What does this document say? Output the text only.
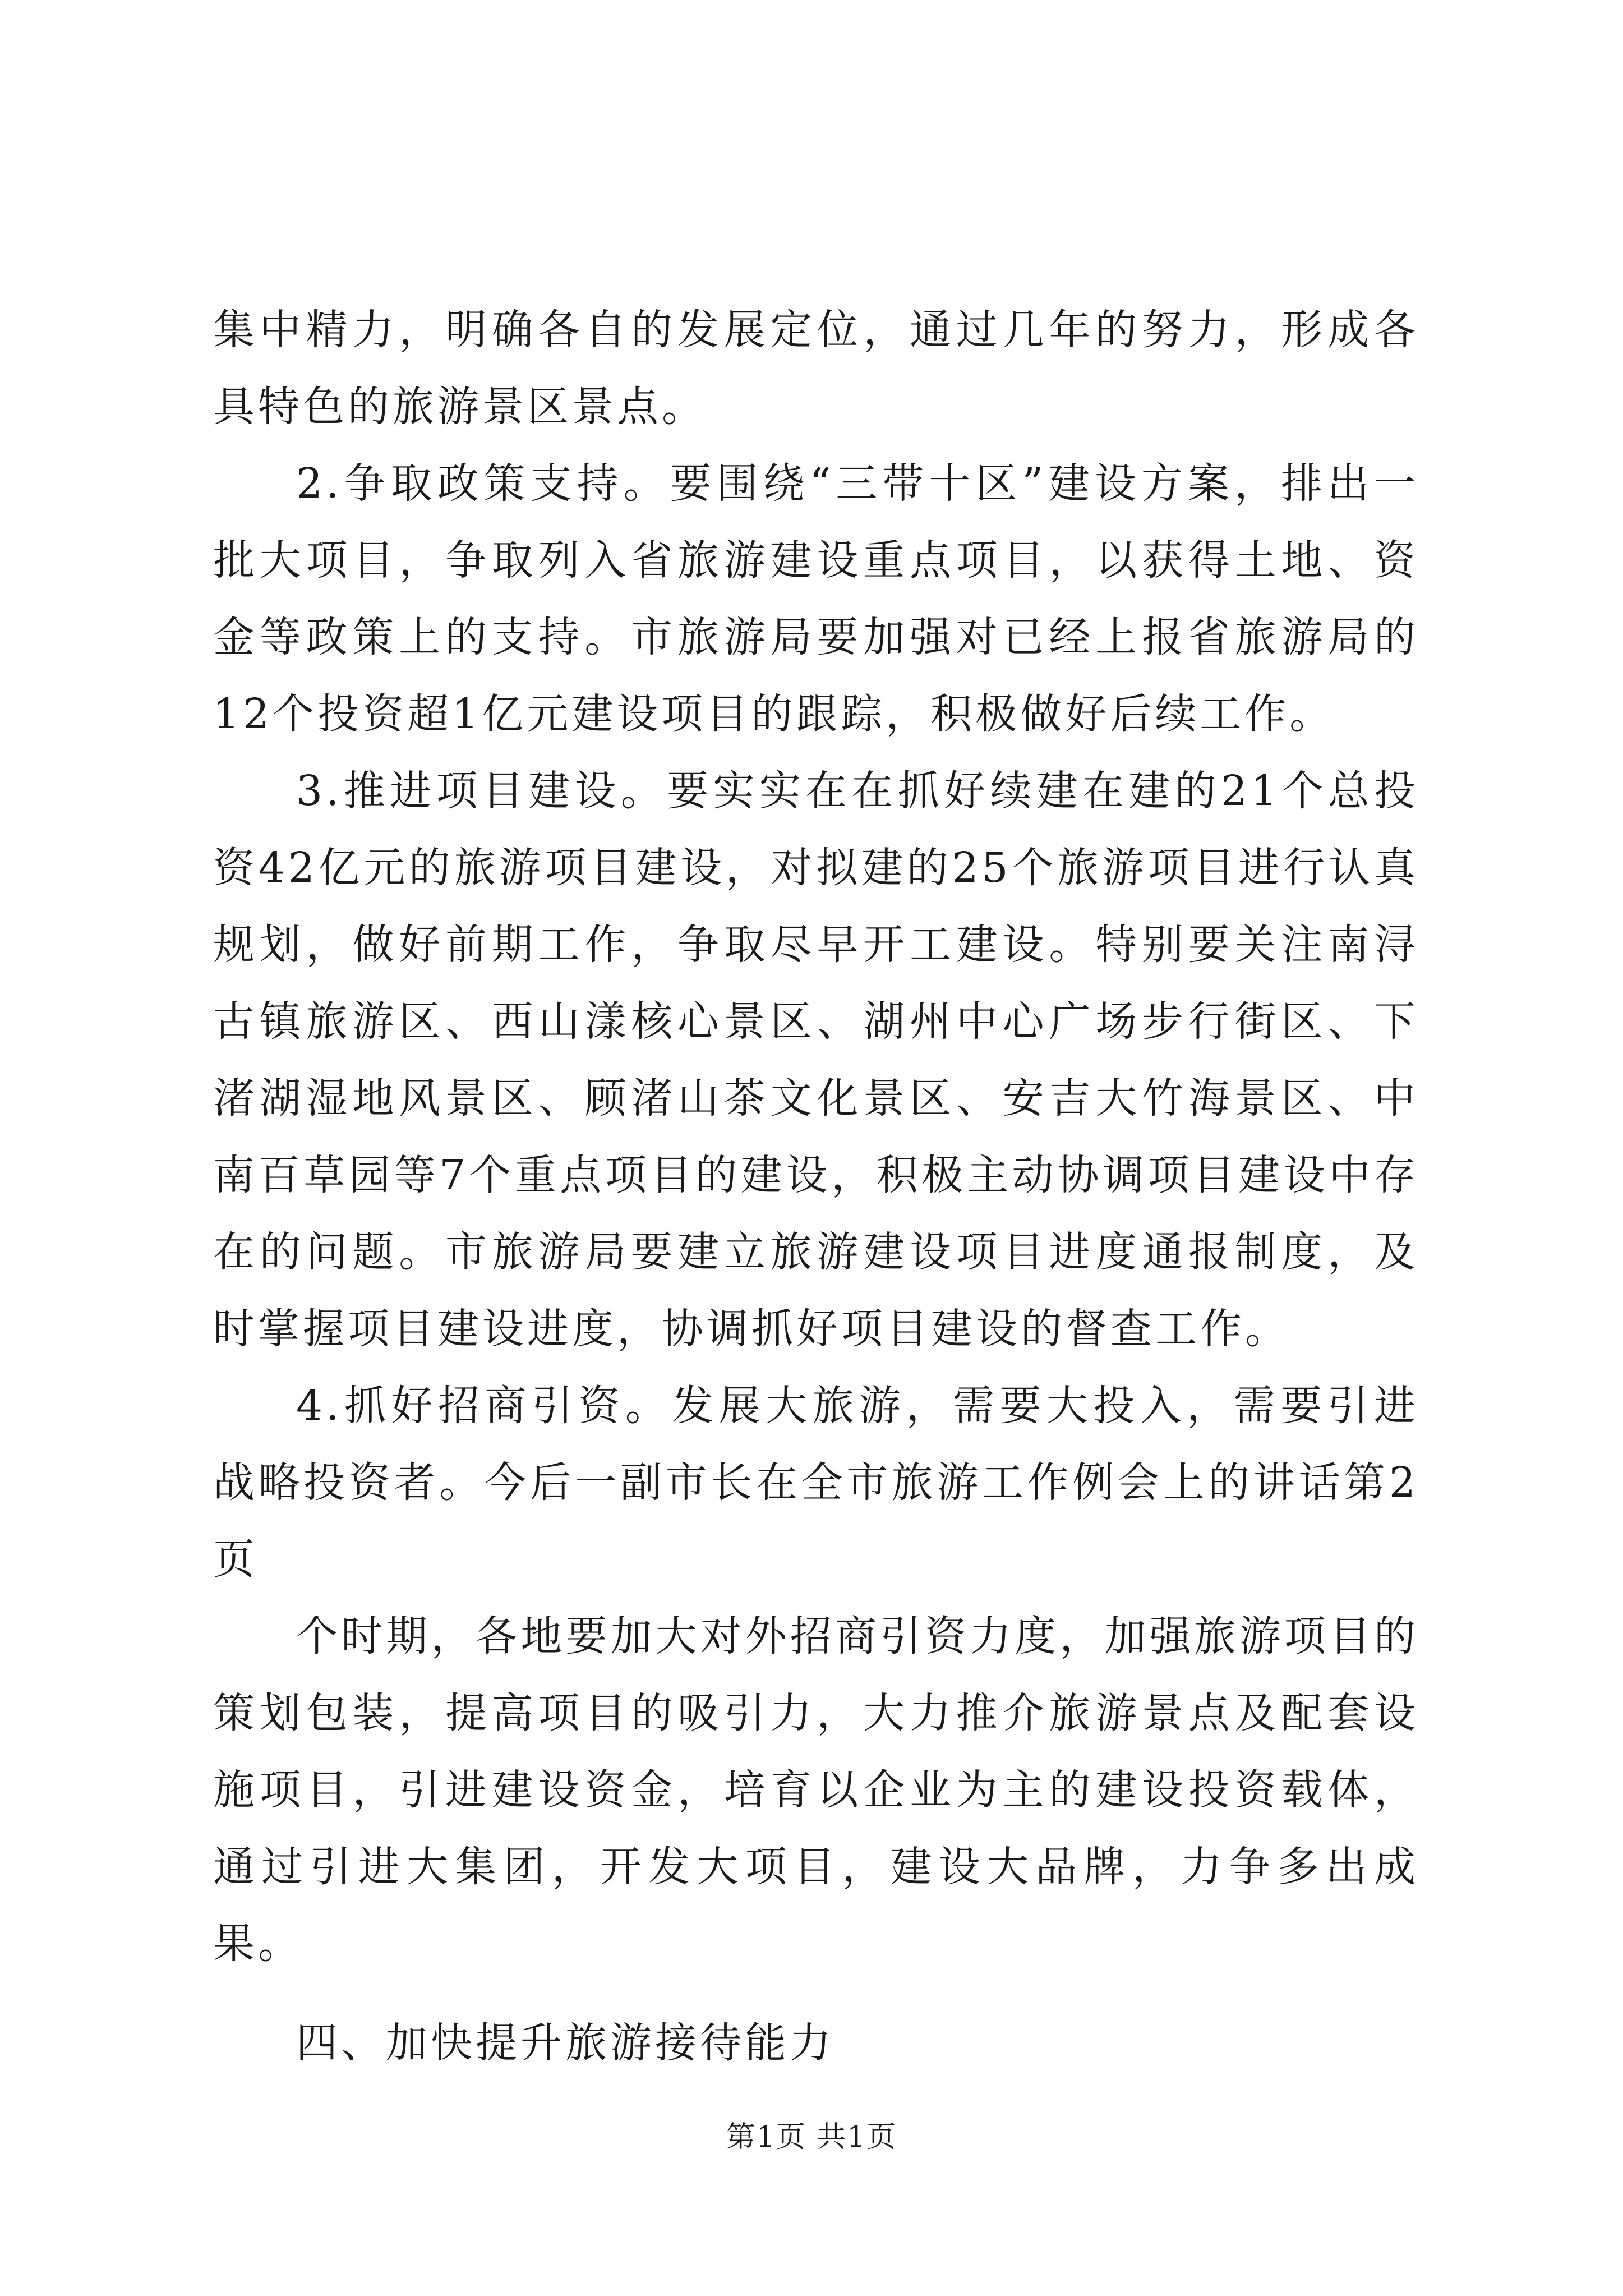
集中精力，明确各自的发展定位，通过几年的努力，形成各具特色的旅游景区景点。

2.争取政策支持。要围绕“三带十区”建设方案，排出一批大项目，争取列入省旅游建设重点项目，以获得土地、资金等政策上的支持。市旅游局要加强对已经上报省旅游局的12个投资超1亿元建设项目的跟踪，积极做好后续工作。

3.推进项目建设。要实实在在抓好续建在建的21个总投资42亿元的旅游项目建设，对拟建的25个旅游项目进行认真规划，做好前期工作，争取尽早开工建设。特别要关注南浔古镇旅游区、西山漾核心景区、湖州中心广场步行街区、下渚湖湿地风景区、顾渚山茶文化景区、安吉大竹海景区、中南百草园等7个重点项目的建设，积极主动协调项目建设中存在的问题。市旅游局要建立旅游建设项目进度通报制度，及时掌握项目建设进度，协调抓好项目建设的督查工作。

4.抓好招商引资。发展大旅游，需要大投入，需要引进战略投资者。今后一副市长在全市旅游工作例会上的讲话第2页

个时期，各地要加大对外招商引资力度，加强旅游项目的策划包装，提高项目的吸引力，大力推介旅游景点及配套设施项目，引进建设资金，培育以企业为主的建设投资载体，通过引进大集团，开发大项目，建设大品牌，力争多出成果。

四、加快提升旅游接待能力

第1页 共1页
